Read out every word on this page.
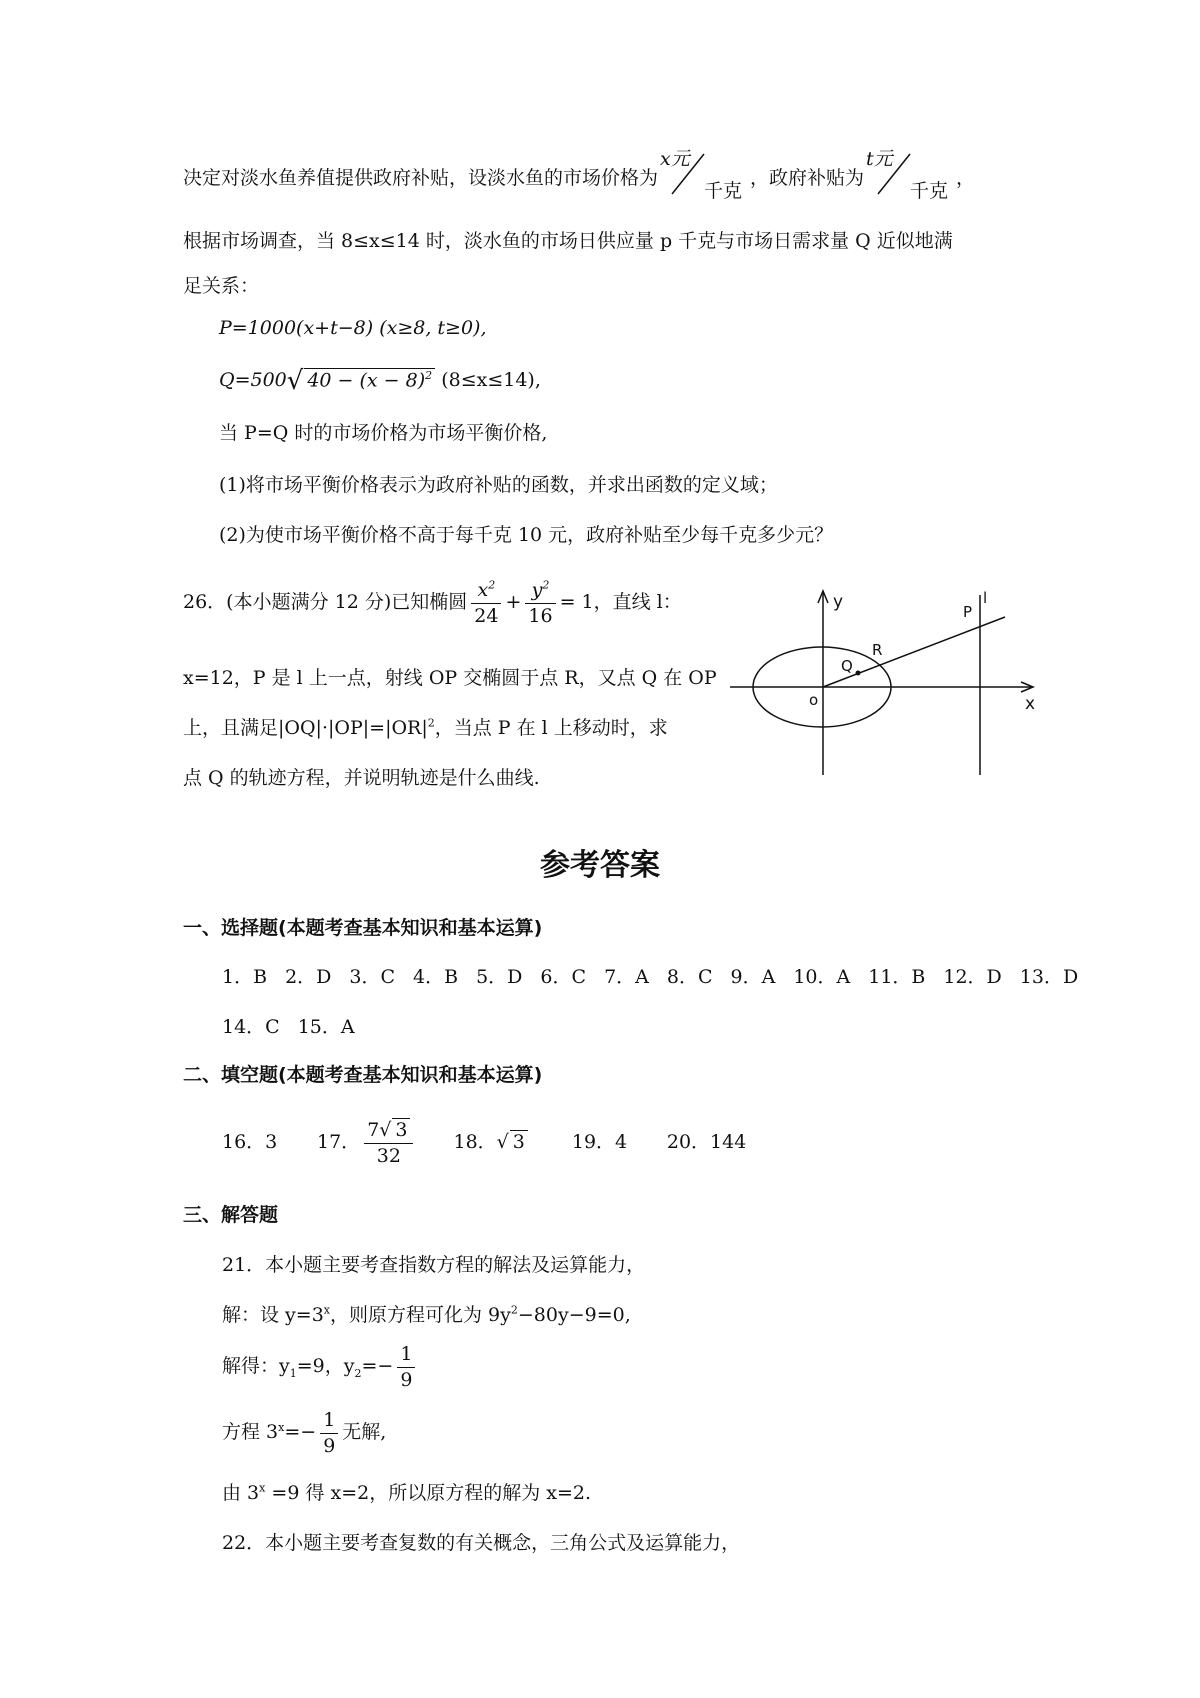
决定对淡水鱼养值提供政府补贴，设淡水鱼的市场价格为
x元
千克
，政府补贴为
t元
千克
，
根据市场调查，当 8≤x≤14 时，淡水鱼的市场日供应量 p 千克与市场日需求量 Q 近似地满
足关系：
P=1000(x+t−8) (x≥8, t≥0),
Q=500√ $40 - (x - 8)^2$ (8≤x≤14),
当 P=Q 时的市场价格为市场平衡价格,
(1)将市场平衡价格表示为政府补贴的函数，并求出函数的定义域；
(2)为使市场平衡价格不高于每千克 10 元，政府补贴至少每千克多少元？
26．(本小题满分 12 分)已知椭圆 $\frac{x^2}{24} + \frac{y^2}{16} = 1$，直线 l：
x=12，P 是 l 上一点，射线 OP 交椭圆于点 R，又点 Q 在 OP
上，且满足$|OQ|\cdot|OP|=|OR|^2$，当点 P 在 l 上移动时，求
点 Q 的轨迹方程，并说明轨迹是什么曲线.
y
x
o
Q
R
P
l
参考答案
一、选择题(本题考查基本知识和基本运算)
1．B 2．D 3．C 4．B 5．D 6．C 7．A 8．C 9．A 10．A 11．B 12．D 13．D
14．C 15．A
二、填空题(本题考查基本知识和基本运算)
16．3 17． $\frac{7√ 3}{32} 18$．√ 3 19．4 20．144
三、解答题
21．本小题主要考查指数方程的解法及运算能力，
解：设 $y=3^x$，则原方程可化为 $9y^2-80y-9=0$,
解得：$y_1=9$，$y_2=- \frac{1}{9}$
方程 $3^x=- \frac{1}{9}$ 无解,
由 $3^x =9$ 得 x=2，所以原方程的解为 x=2.
22．本小题主要考查复数的有关概念，三角公式及运算能力，
